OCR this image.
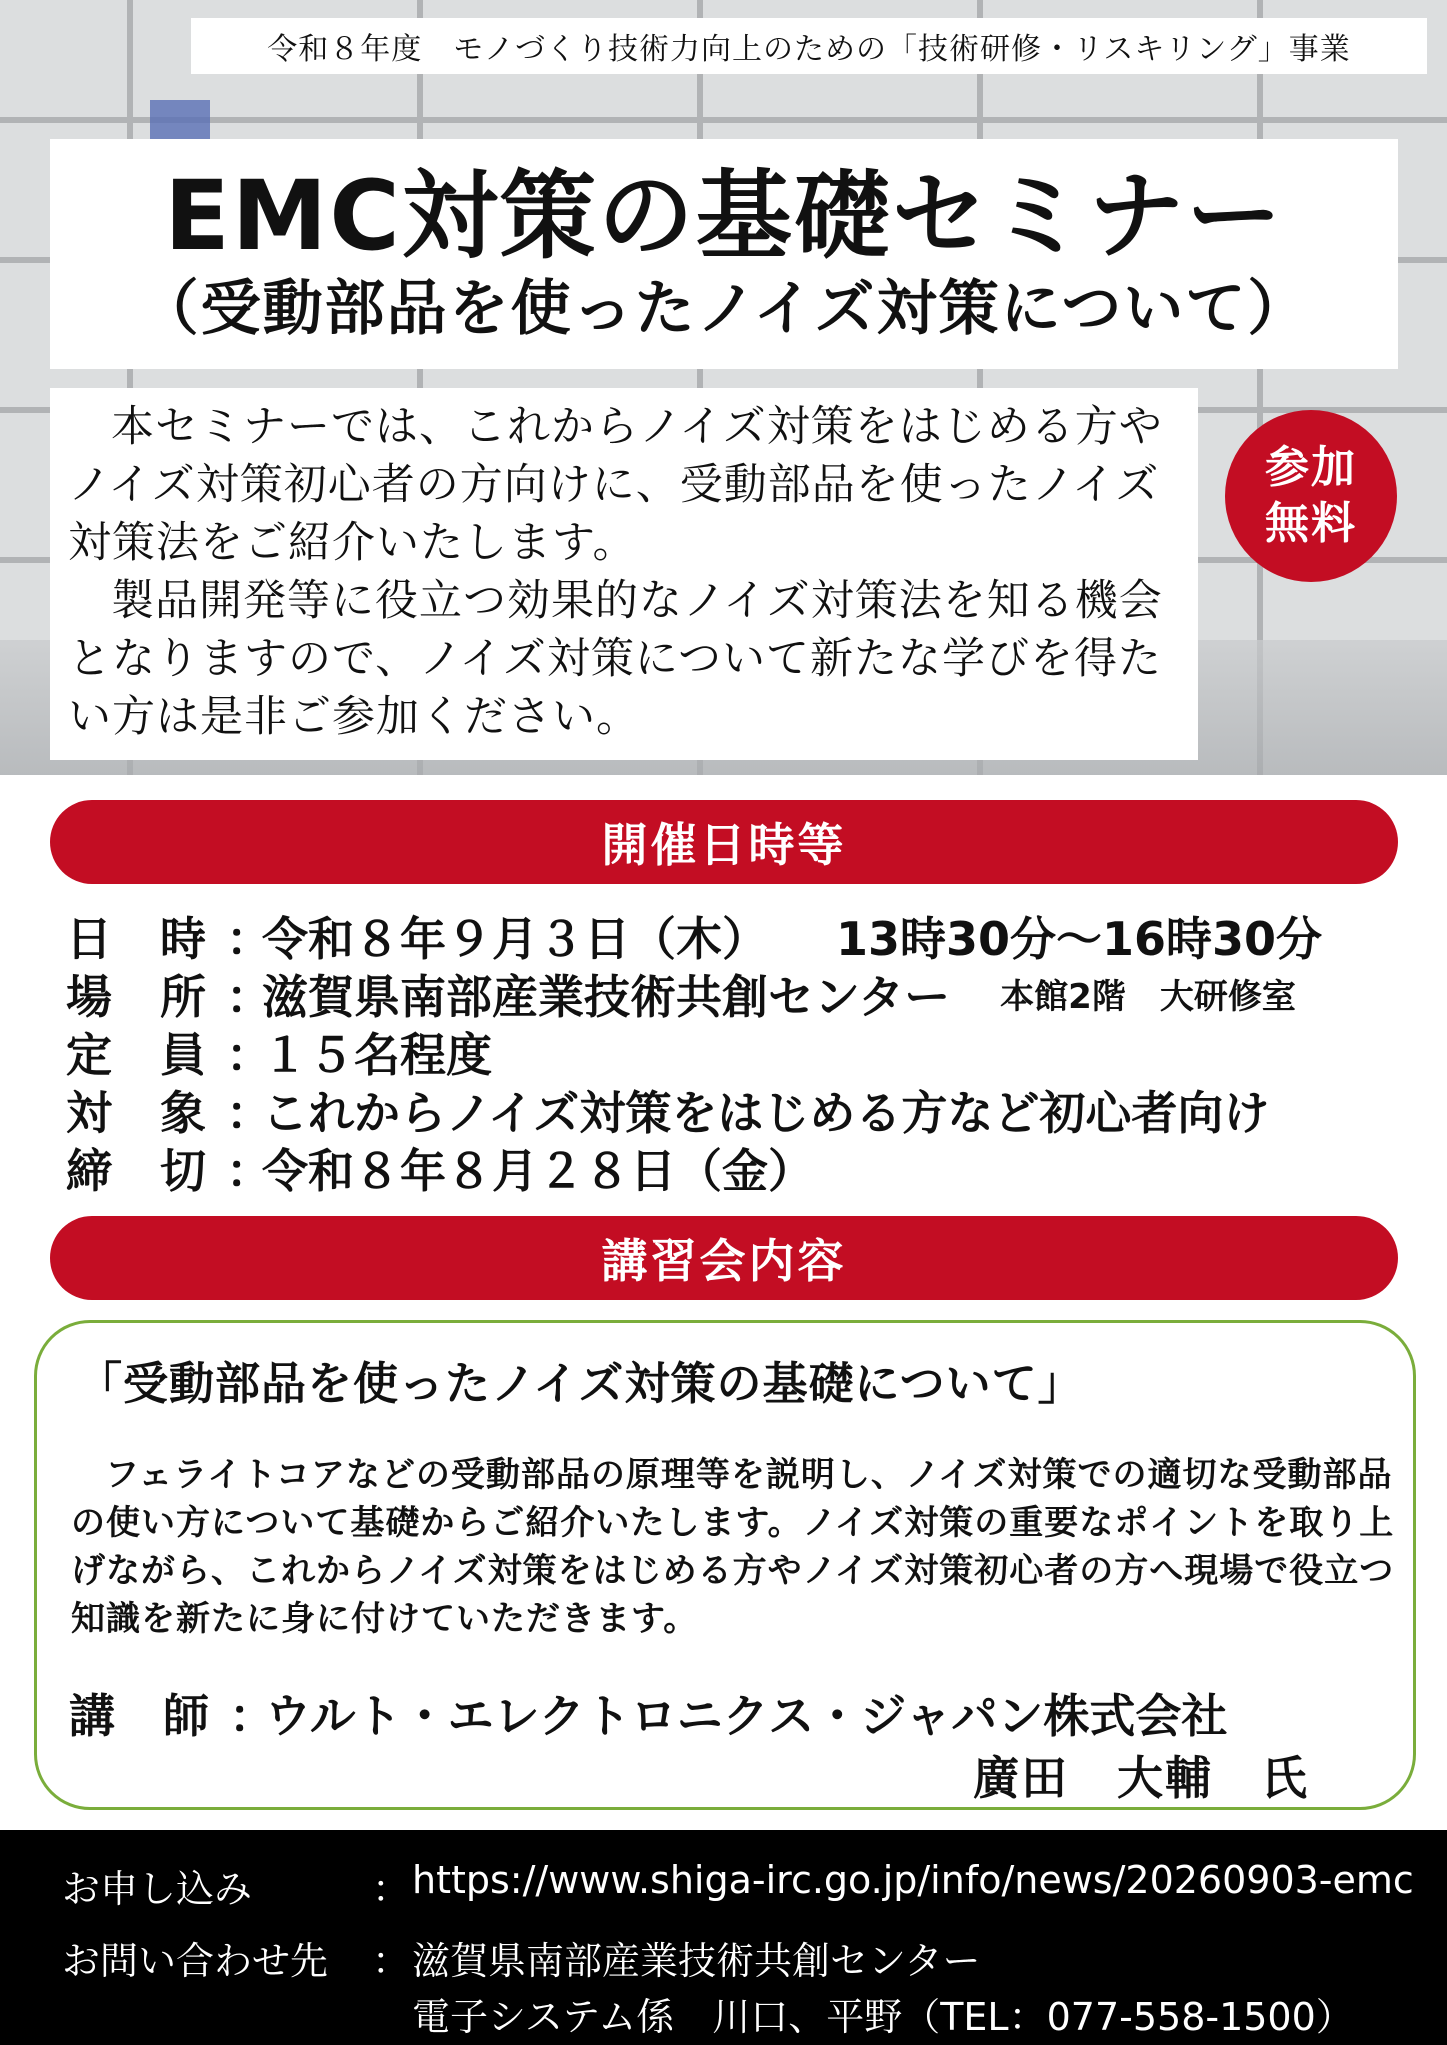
令和８年度　モノづくり技術力向上のための「技術研修・リスキリング」事業
EMC対策の基礎セミナー
（受動部品を使ったノイズ対策について）

本セミナーでは、これからノイズ対策をはじめる方やノイズ対策初心者の方向けに、受動部品を使ったノイズ対策法をご紹介いたします。

製品開発等に役立つ効果的なノイズ対策法を知る機会となりますので、ノイズ対策について新たな学びを得たい方は是非ご参加ください。

参加
無料
開催日時等
日 時 ：
令和８年９月３日（木） 13時30分～16時30分
場 所 ：
滋賀県南部産業技術共創センター 本館2階　大研修室
定 員 ：
１５名程度
対 象 ：
これからノイズ対策をはじめる方など初心者向け
締 切 ：
令和８年８月２８日（金）
講習会内容
「受動部品を使ったノイズ対策の基礎について」

フェライトコアなどの受動部品の原理等を説明し、ノイズ対策での適切な受動部品の使い方について基礎からご紹介いたします。ノイズ対策の重要なポイントを取り上げながら、これからノイズ対策をはじめる方やノイズ対策初心者の方へ現場で役立つ知識を新たに身に付けていただきます。

講 師 ：
ウルト・エレクトロニクス・ジャパン株式会社
廣田　大輔　氏
お申し込み	： https://www.shiga-irc.go.jp/info/news/20260903-emc
お問い合わせ先 ： 滋賀県南部産業技術共創センター
電子システム係　川口、平野（TEL：077-558-1500）
